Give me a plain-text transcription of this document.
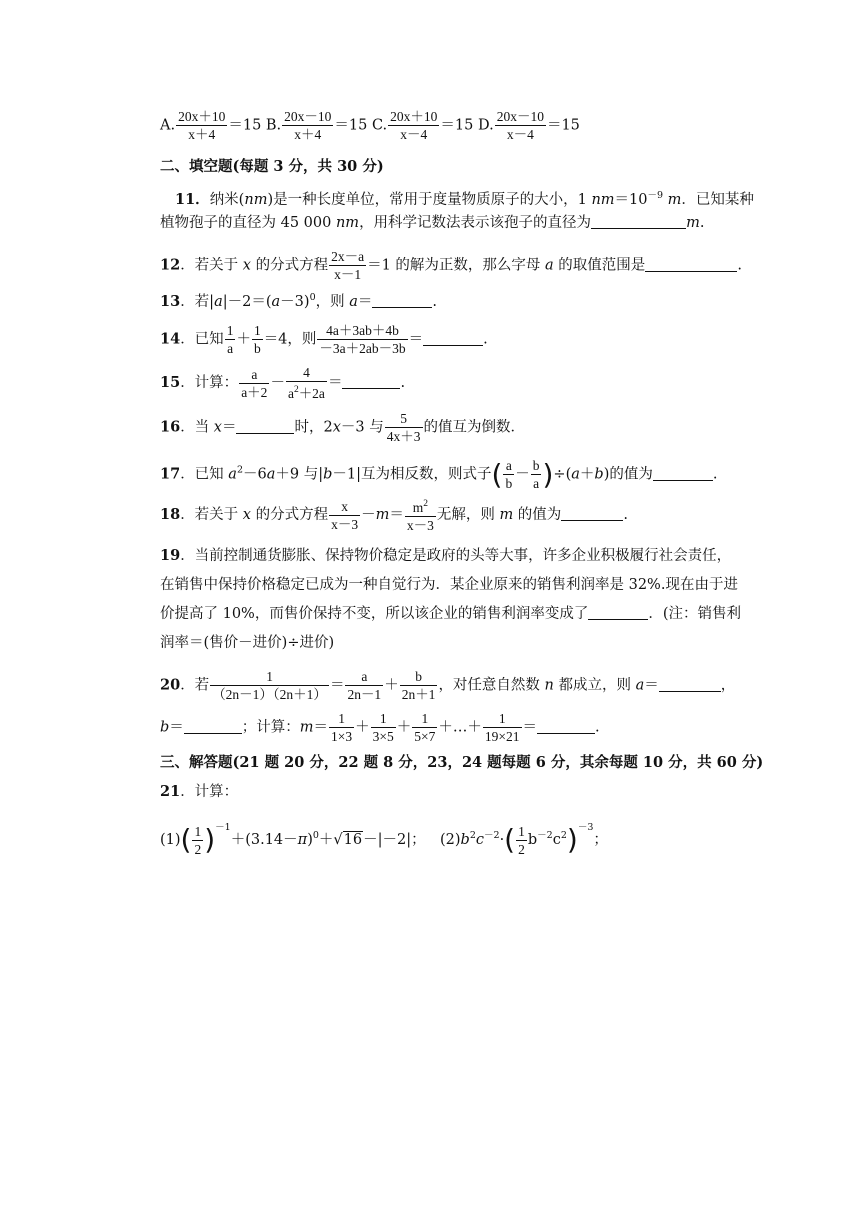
A. $\frac{20x+10}{x+4} =15$ B. $\frac{20x-10}{x+4} =15$ C. $\frac{20x+10}{x-4} =15$ D. $\frac{20x-10}{x-4} =15$
二、填空题(每题 3 分，共 30 分)
11．纳米(nm)是一种长度单位，常用于度量物质原子的大小，1 $nm=10^{-9}$ m．已知某种
植物孢子的直径为 45 000 nm，用科学记数法表示该孢子的直径为	m.
12．若关于 x 的分式方程 $\frac{2x-a}{x-1} =1$ 的解为正数，那么字母 a 的取值范围是	.
13．若$|a|-2=(a-3)^0$，则 a＝	.
14．已知 $\frac{1}{a} + \frac{1}{b} =4$，则 $\frac{4a+3ab+4b}{-3a+2ab-3b}$ ＝	.
15．计算： $\frac{a}{a+2} - \frac{4}{a^2+2a}$ ＝	.
16．当 x＝	时，2x－3 与 $\frac{5}{4x+3}$ 的值互为倒数．
17．已知 $a^2-6a+9$ 与|b－1|互为相反数，则式子( $\frac{a}{b} - \frac{b}{a} )\div(a+b)$的值为	.
18．若关于 x 的分式方程 $\frac{x}{x-3} -m= \frac{m^2}{x-3}$ 无解，则 m 的值为	.
19．当前控制通货膨胀、保持物价稳定是政府的头等大事，许多企业积极履行社会责任，
在销售中保持价格稳定已成为一种自觉行为．某企业原来的销售利润率是 32%.现在由于进
价提高了 10%，而售价保持不变，所以该企业的销售利润率变成了	．(注：销售利
润率＝(售价－进价)÷进价)
20．若 $\frac{1}{(2n-1)(2n+1)} = \frac{a}{2n-1} + \frac{b}{2n+1}$ ，对任意自然数 n 都成立，则 a＝	，
b＝	；计算：$m= \frac{1}{1\times 3} + \frac{1}{3\times 5} + \frac{1}{5\times 7}$ ＋…＋ $\frac{1}{19\times 21}$ ＝	.
三、解答题(21 题 20 分，22 题 8 分，23，24 题每题 6 分，其余每题 10 分，共 60 分)
21．计算：
$(1)( \frac{1}{2} )^{-1}+(3.14-\pi)^0+√16-|-2|$； $(2)b^2c^{-2}\cdot( \frac{1}{2} b^{-2}c^2)^{-3}$；
